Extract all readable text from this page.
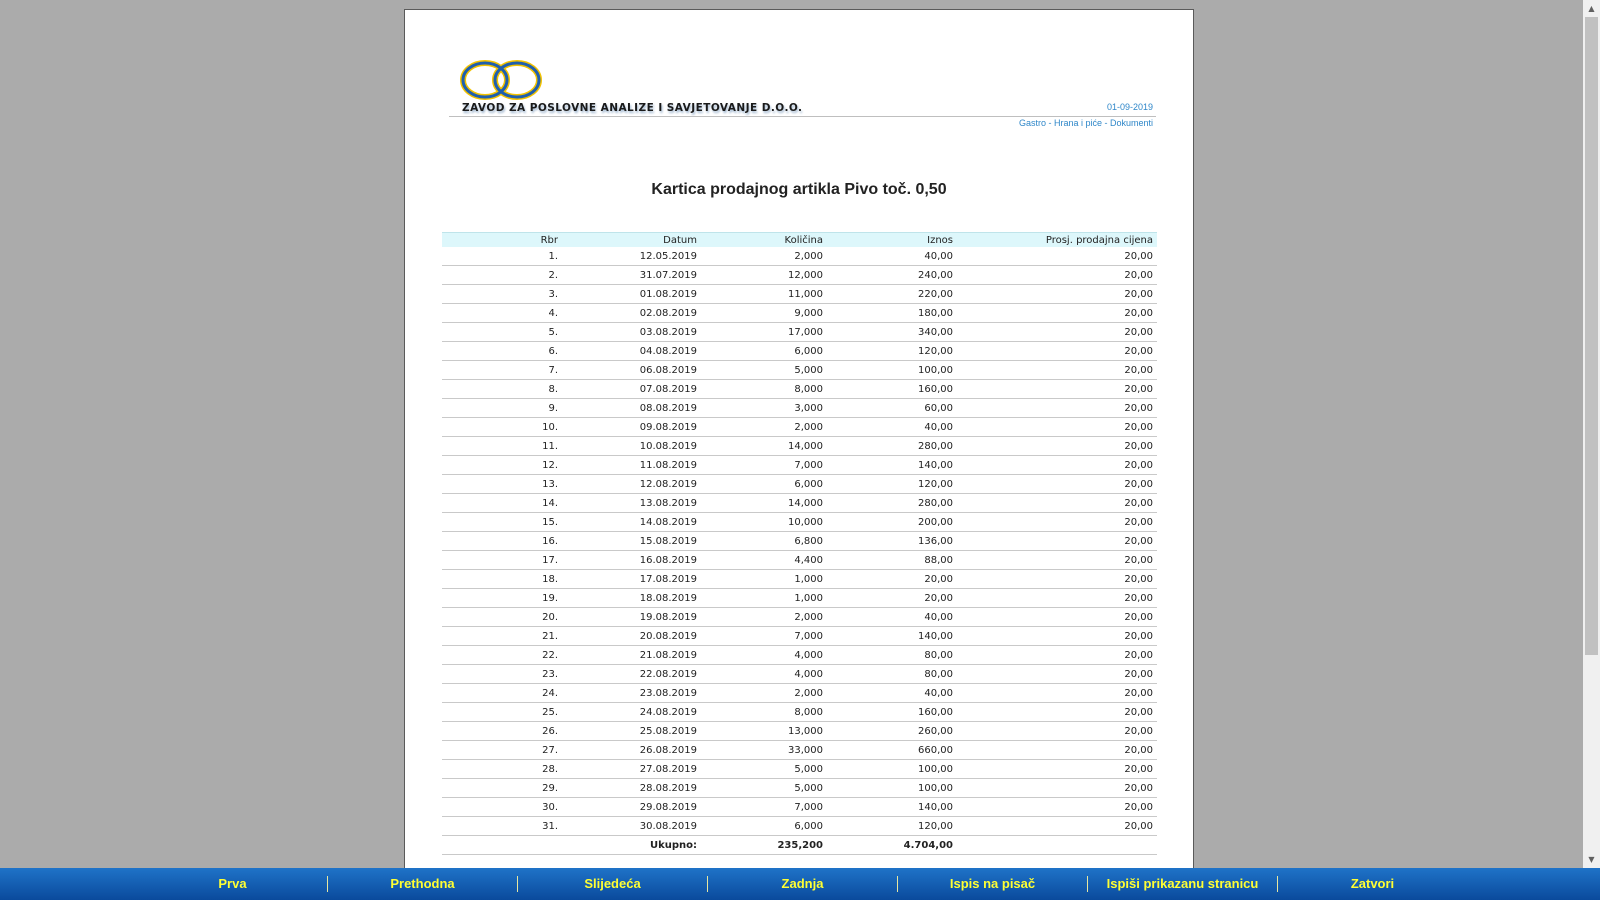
ZAVOD ZA POSLOVNE ANALIZE I SAVJETOVANJE D.O.O.	01-09-2019
Gastro - Hrana i piće - Dokumenti
Kartica prodajnog artikla Pivo toč. 0,50
Rbr	Datum	Količina	Iznos	Prosj. prodajna cijena
1.	12.05.2019	2,000	40,00	20,00
2.	31.07.2019	12,000	240,00	20,00
3.	01.08.2019	11,000	220,00	20,00
4.	02.08.2019	9,000	180,00	20,00
5.	03.08.2019	17,000	340,00	20,00
6.	04.08.2019	6,000	120,00	20,00
7.	06.08.2019	5,000	100,00	20,00
8.	07.08.2019	8,000	160,00	20,00
9.	08.08.2019	3,000	60,00	20,00
10.	09.08.2019	2,000	40,00	20,00
11.	10.08.2019	14,000	280,00	20,00
12.	11.08.2019	7,000	140,00	20,00
13.	12.08.2019	6,000	120,00	20,00
14.	13.08.2019	14,000	280,00	20,00
15.	14.08.2019	10,000	200,00	20,00
16.	15.08.2019	6,800	136,00	20,00
17.	16.08.2019	4,400	88,00	20,00
18.	17.08.2019	1,000	20,00	20,00
19.	18.08.2019	1,000	20,00	20,00
20.	19.08.2019	2,000	40,00	20,00
21.	20.08.2019	7,000	140,00	20,00
22.	21.08.2019	4,000	80,00	20,00
23.	22.08.2019	4,000	80,00	20,00
24.	23.08.2019	2,000	40,00	20,00
25.	24.08.2019	8,000	160,00	20,00
26.	25.08.2019	13,000	260,00	20,00
27.	26.08.2019	33,000	660,00	20,00
28.	27.08.2019	5,000	100,00	20,00
29.	28.08.2019	5,000	100,00	20,00
30.	29.08.2019	7,000	140,00	20,00
31.	30.08.2019	6,000	120,00	20,00
	Ukupno:	235,200	4.704,00	
▲
▼
Prva	Prethodna	Slijedeća	Zadnja	Ispis na pisač	Ispiši prikazanu stranicu	Zatvori
